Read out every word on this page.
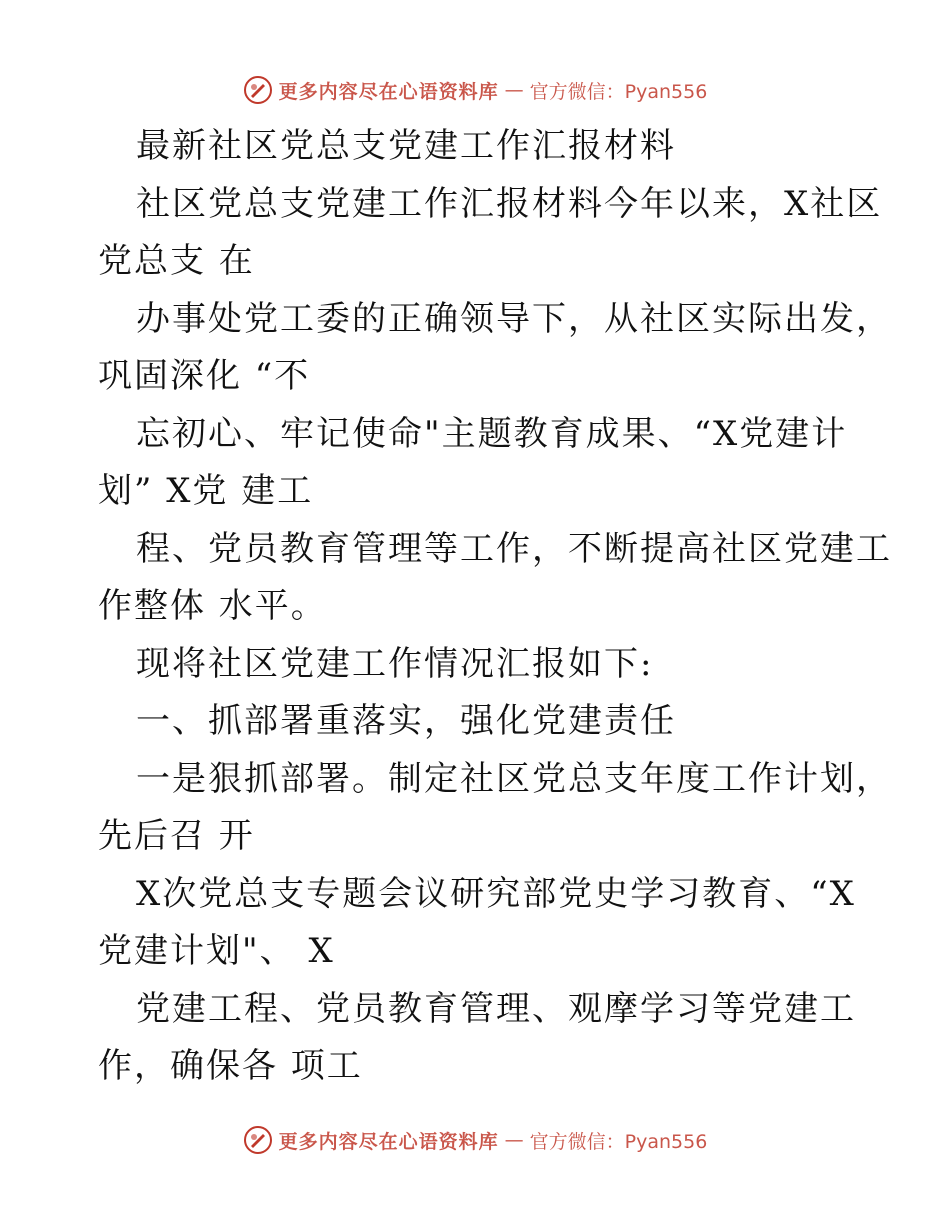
更多内容尽在心语资料库 — 官方微信：Pyan556
最新社区党总支党建工作汇报材料
社区党总支党建工作汇报材料今年以来，X社区
党总支 在
办事处党工委的正确领导下，从社区实际出发，
巩固深化 “不
忘初心、牢记使命"主题教育成果、“X党建计
划” X党 建工
程、党员教育管理等工作，不断提高社区党建工
作整体 水平。
现将社区党建工作情况汇报如下:
一、抓部署重落实，强化党建责任
一是狠抓部署。制定社区党总支年度工作计划，
先后召 开
X次党总支专题会议研究部党史学习教育、“X
党建计划"、 X
党建工程、党员教育管理、观摩学习等党建工
作，确保各 项工
更多内容尽在心语资料库 — 官方微信：Pyan556
